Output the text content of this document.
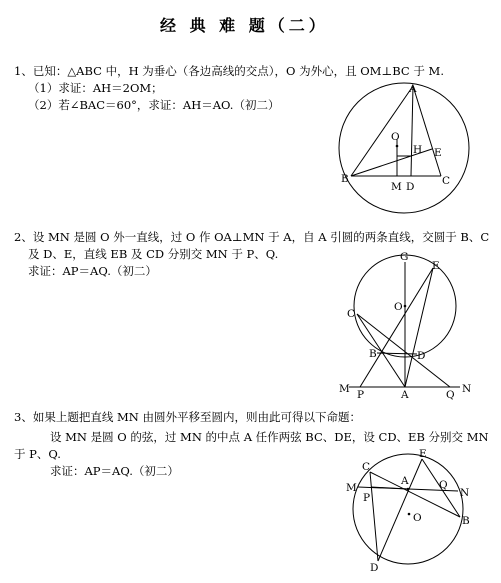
经 典 难 题（二）
1、已知：△ABC 中，H 为垂心（各边高线的交点），O 为外心，且 OM⊥BC 于 M.
（1）求证：AH＝2OM；
（2）若∠BAC＝60°，求证：AH＝AO.（初二）
A
O
H E
B
M D	C
2、设 MN 是圆 O 外一直线，过 O 作 OA⊥MN 于 A，自 A 引圆的两条直线，交圆于 B、C
及 D、E，直线 EB 及 CD 分别交 MN 于 P、Q.
求证：AP＝AQ.（初二）
G
E
O
C
B	D
M P	A	Q N
3、如果上题把直线 MN 由圆外平移至圆内，则由此可得以下命题：
设 MN 是圆 O 的弦，过 MN 的中点 A 任作两弦 BC、DE，设 CD、EB 分别交 MN
于 P、Q.
求证：AP＝AQ.（初二）	C
E
M
A	Q
N
P
O	B
D
